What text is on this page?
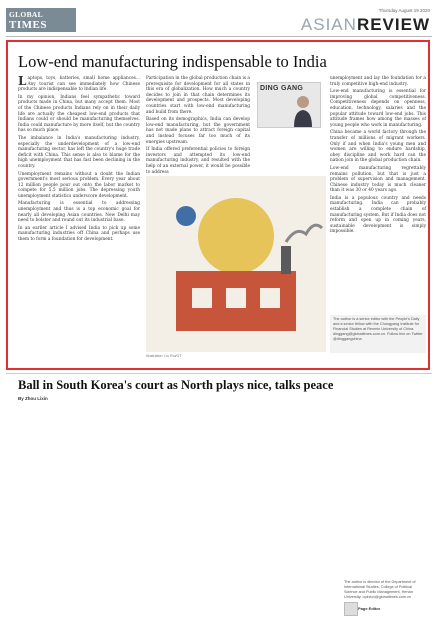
GLOBAL
TIMES
Thursday August 19 2020
ASIANREVIEW
Low-end manufacturing indispensable to India
DING GANG

Laptops, toys, batteries, small home appliances... Any tourist can see immediately how Chinese products are indispensable to Indian life.

In my opinion, Indians feel sympathetic toward products made in China, but many accept them. Most of the Chinese products Indians rely on in their daily life are actually the cheapest low-end products that Indians could or should be manufacturing themselves. India could manufacture by more itself, but the country has so much place.

The imbalance in India's manufacturing industry, especially the underdevelopment of a low-end manufacturing sector, has left the country's huge trade deficit with China. This sense is also to blame for the high unemployment that has fast been declining in the country.

Unemployment remains without a doubt the Indian government's most serious problem. Every year about 12 million people pour out onto the labor market to compete for 5.5 million jobs. The depressing youth unemployment statistics underscore development.

Manufacturing is essential to addressing unemployment and thus is a top economic goal for nearly all developing Asian countries. New Delhi may need to bolster and round out its industrial base.

In an earlier article I advised India to pick up some manufacturing industries off China and perhaps use them to form a foundation for development.

Participation in the global production chain is a prerequisite for development for all states in this era of globalization. How much a country decides to join in that chain determines its development and prospects. Most developing countries start with low-end manufacturing and build from there.

Based on its demographics, India can develop low-end manufacturing, but the government has not made plans to attract foreign capital and instead focuses far too much of its energies upstream.

If India offered preferential policies to foreign investors and attempted its low-end manufacturing industry, and resulted with the help of an external power, it would be possible to address

Illustration: Liu Rui/GT

unemployment and lay the foundation for a truly competitive high-end industry.

Low-end manufacturing is essential for improving global competitiveness. Competitiveness depends on openness, education, technology, salaries and the popular attitude toward low-end jobs. This attitude frames how among the masses of young people who work in manufacturing.

China became a world factory through the transfer of millions of migrant workers. Only if and when India's young men and women are willing to endure hardship, obey discipline and work hard can the nation join in the global production chain.

Low-end manufacturing regrettably remains pollution, but that is just a problem of supervision and management. Chinese industry today is much cleaner than it was 30 or 40 years ago.

India is a populous country and needs manufacturing. India can probably establish a complete chain of manufacturing system. But if India does not reform and open up in coming years, sustainable development is simply impossible.

The author is a senior editor with the People's Daily and a senior fellow with the Chongyang Institute for Financial Studies at Renmin University of China. dinggang@globaltimes.com.cn. Follow him on Twitter @dinggangchina
Ball in South Korea's court as North plays nice, talks peace
By Zhou Lixin
The author is director of the Department of International Studies, College of Political Science and Public Management, Henan University. opinion@globaltimes.com.cn
Page Editor
